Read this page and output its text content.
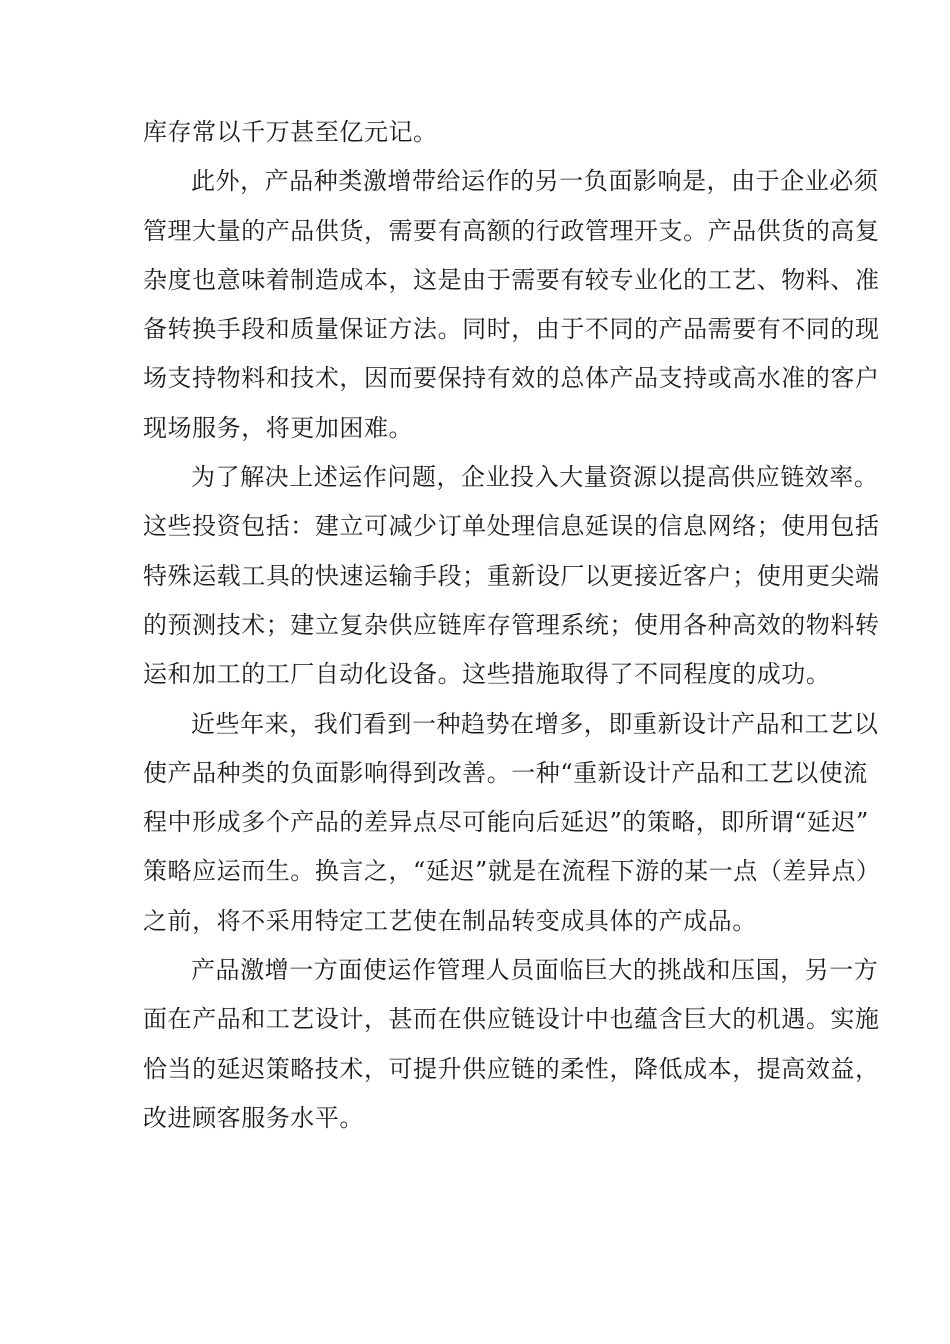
库存常以千万甚至亿元记。
此外，产品种类激增带给运作的另一负面影响是，由于企业必须
管理大量的产品供货，需要有高额的行政管理开支。产品供货的高复
杂度也意味着制造成本，这是由于需要有较专业化的工艺、物料、准
备转换手段和质量保证方法。同时，由于不同的产品需要有不同的现
场支持物料和技术，因而要保持有效的总体产品支持或高水准的客户
现场服务，将更加困难。
为了解决上述运作问题，企业投入大量资源以提高供应链效率。
这些投资包括：建立可减少订单处理信息延误的信息网络；使用包括
特殊运载工具的快速运输手段；重新设厂以更接近客户；使用更尖端
的预测技术；建立复杂供应链库存管理系统；使用各种高效的物料转
运和加工的工厂自动化设备。这些措施取得了不同程度的成功。
近些年来，我们看到一种趋势在增多，即重新设计产品和工艺以
使产品种类的负面影响得到改善。一种“重新设计产品和工艺以使流
程中形成多个产品的差异点尽可能向后延迟”的策略，即所谓“延迟”
策略应运而生。换言之，“延迟”就是在流程下游的某一点（差异点）
之前，将不采用特定工艺使在制品转变成具体的产成品。
产品激增一方面使运作管理人员面临巨大的挑战和压国，另一方
面在产品和工艺设计，甚而在供应链设计中也蕴含巨大的机遇。实施
恰当的延迟策略技术，可提升供应链的柔性，降低成本，提高效益，
改进顾客服务水平。
